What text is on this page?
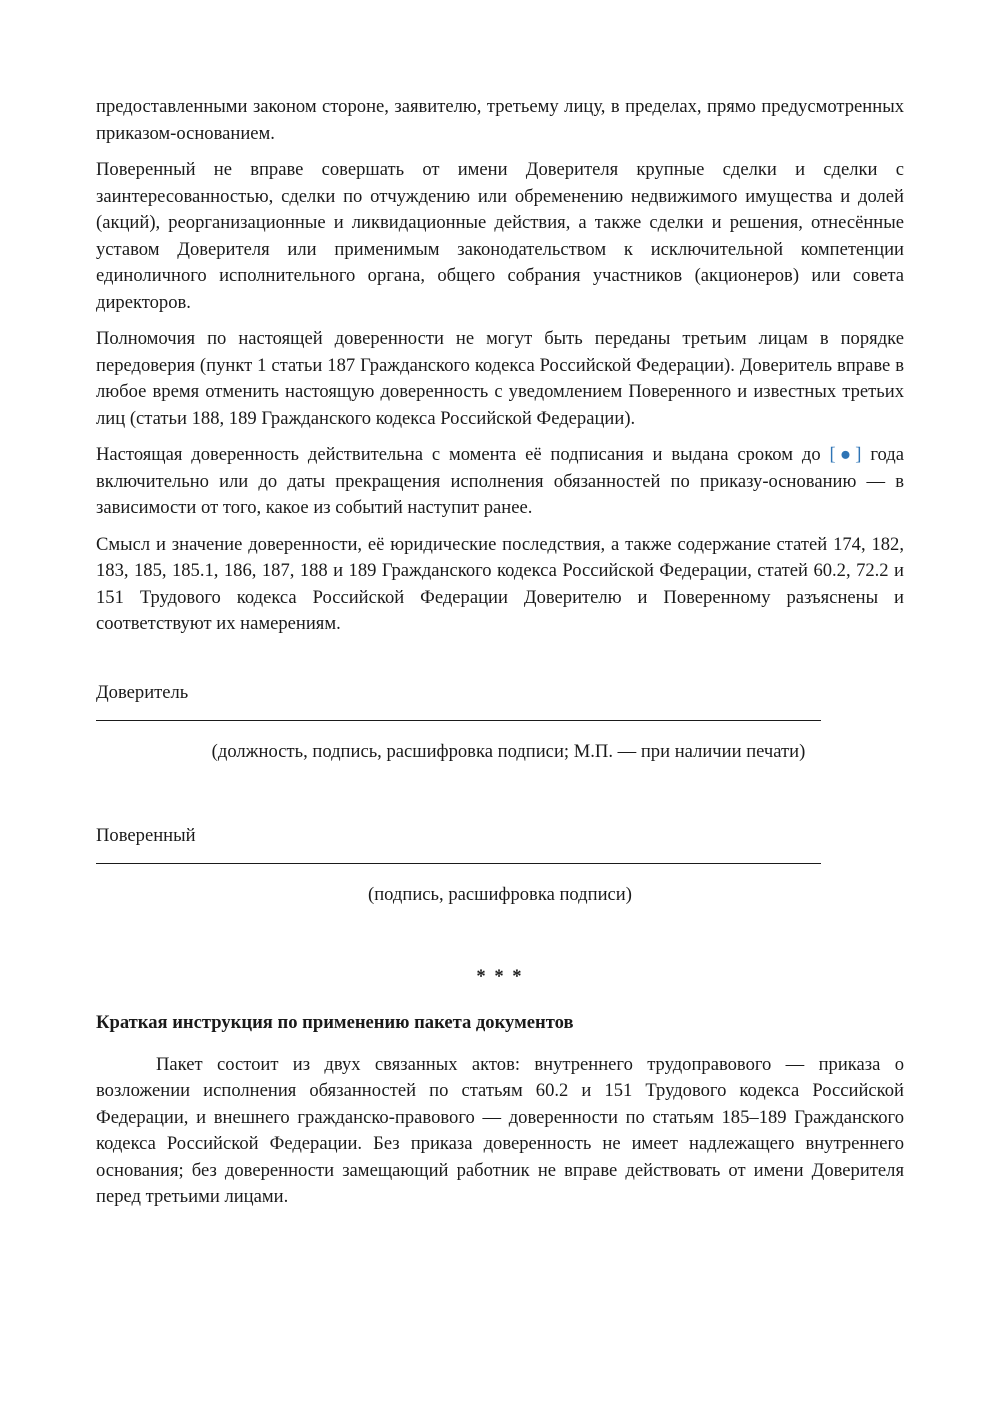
предоставленными законом стороне, заявителю, третьему лицу, в пределах, прямо предусмотренных приказом-основанием.

Поверенный не вправе совершать от имени Доверителя крупные сделки и сделки с заинтересованностью, сделки по отчуждению или обременению недвижимого имущества и долей (акций), реорганизационные и ликвидационные действия, а также сделки и решения, отнесённые уставом Доверителя или применимым законодательством к исключительной компетенции единоличного исполнительного органа, общего собрания участников (акционеров) или совета директоров.

Полномочия по настоящей доверенности не могут быть переданы третьим лицам в порядке передоверия (пункт 1 статьи 187 Гражданского кодекса Российской Федерации). Доверитель вправе в любое время отменить настоящую доверенность с уведомлением Поверенного и известных третьих лиц (статьи 188, 189 Гражданского кодекса Российской Федерации).

Настоящая доверенность действительна с момента её подписания и выдана сроком до [●] года включительно или до даты прекращения исполнения обязанностей по приказу-основанию — в зависимости от того, какое из событий наступит ранее.

Смысл и значение доверенности, её юридические последствия, а также содержание статей 174, 182, 183, 185, 185.1, 186, 187, 188 и 189 Гражданского кодекса Российской Федерации, статей 60.2, 72.2 и 151 Трудового кодекса Российской Федерации Доверителю и Поверенному разъяснены и соответствуют их намерениям.

Доверитель
(должность, подпись, расшифровка подписи; М.П. — при наличии печати)
Поверенный
(подпись, расшифровка подписи)
* * *
Краткая инструкция по применению пакета документов

Пакет состоит из двух связанных актов: внутреннего трудоправового — приказа о возложении исполнения обязанностей по статьям 60.2 и 151 Трудового кодекса Российской Федерации, и внешнего гражданско-правового — доверенности по статьям 185–189 Гражданского кодекса Российской Федерации. Без приказа доверенность не имеет надлежащего внутреннего основания; без доверенности замещающий работник не вправе действовать от имени Доверителя перед третьими лицами.
